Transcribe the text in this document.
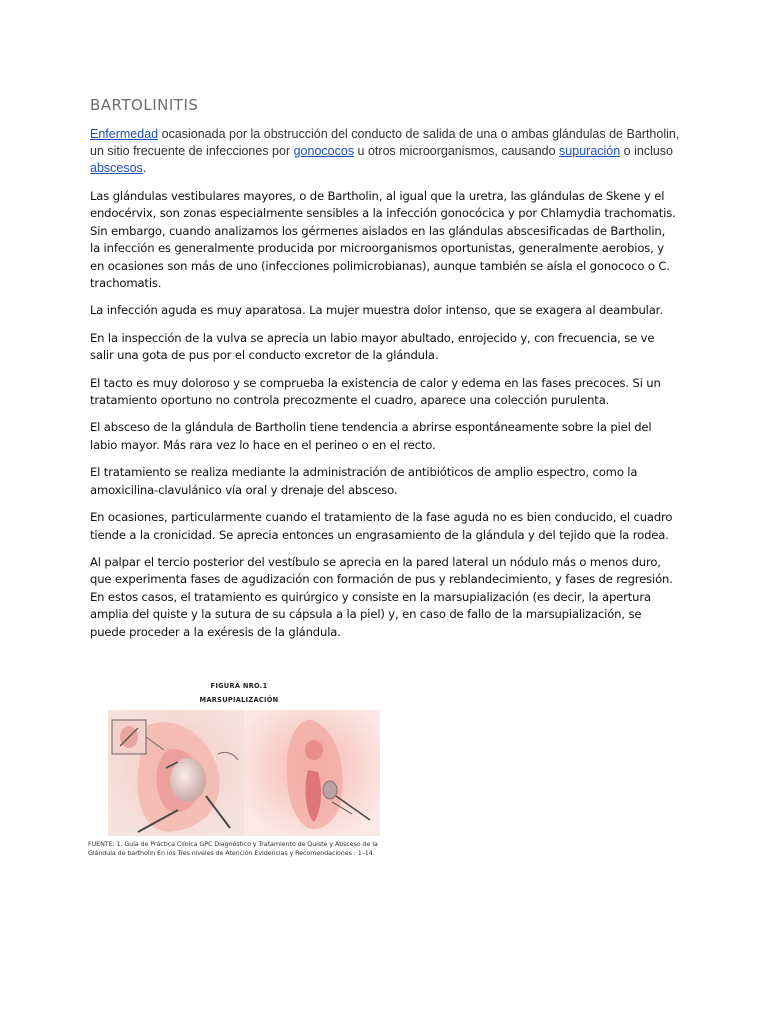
BARTOLINITIS

Enfermedad ocasionada por la obstrucción del conducto de salida de una o ambas glándulas de Bartholin, un sitio frecuente de infecciones por gonococos u otros microorganismos, causando supuración o incluso abscesos.

Las glándulas vestibulares mayores, o de Bartholin, al igual que la uretra, las glándulas de Skene y el endocérvix, son zonas especialmente sensibles a la infección gonocócica y por Chlamydia trachomatis. Sin embargo, cuando analizamos los gérmenes aislados en las glándulas abscesificadas de Bartholin, la infección es generalmente producida por microorganismos oportunistas, generalmente aerobios, y en ocasiones son más de uno (infecciones polimicrobianas), aunque también se aísla el gonococo o C. trachomatis.

La infección aguda es muy aparatosa. La mujer muestra dolor intenso, que se exagera al deambular.

En la inspección de la vulva se aprecia un labio mayor abultado, enrojecido y, con frecuencia, se ve salir una gota de pus por el conducto excretor de la glándula.

El tacto es muy doloroso y se comprueba la existencia de calor y edema en las fases precoces. Si un tratamiento oportuno no controla precozmente el cuadro, aparece una colección purulenta.

El absceso de la glándula de Bartholin tiene tendencia a abrirse espontáneamente sobre la piel del labio mayor. Más rara vez lo hace en el perineo o en el recto.

El tratamiento se realiza mediante la administración de antibióticos de amplio espectro, como la amoxicilina-clavulánico vía oral y drenaje del absceso.

En ocasiones, particularmente cuando el tratamiento de la fase aguda no es bien conducido, el cuadro tiende a la cronicidad. Se aprecia entonces un engrasamiento de la glándula y del tejido que la rodea.

Al palpar el tercio posterior del vestíbulo se aprecia en la pared lateral un nódulo más o menos duro, que experimenta fases de agudización con formación de pus y reblandecimiento, y fases de regresión. En estos casos, el tratamiento es quirúrgico y consiste en la marsupialización (es decir, la apertura amplia del quiste y la sutura de su cápsula a la piel) y, en caso de fallo de la marsupialización, se puede proceder a la exéresis de la glándula.

FIGURA NRO.1
MARSUPIALIZACIÓN
FUENTE: 1. Guía de Práctica Clínica GPC Diagnóstico y Tratamiento de Quiste y Absceso de la Glándula de bartholin En los Tres niveles de Atención Evidencias y Recomendaciones : 1–14.
